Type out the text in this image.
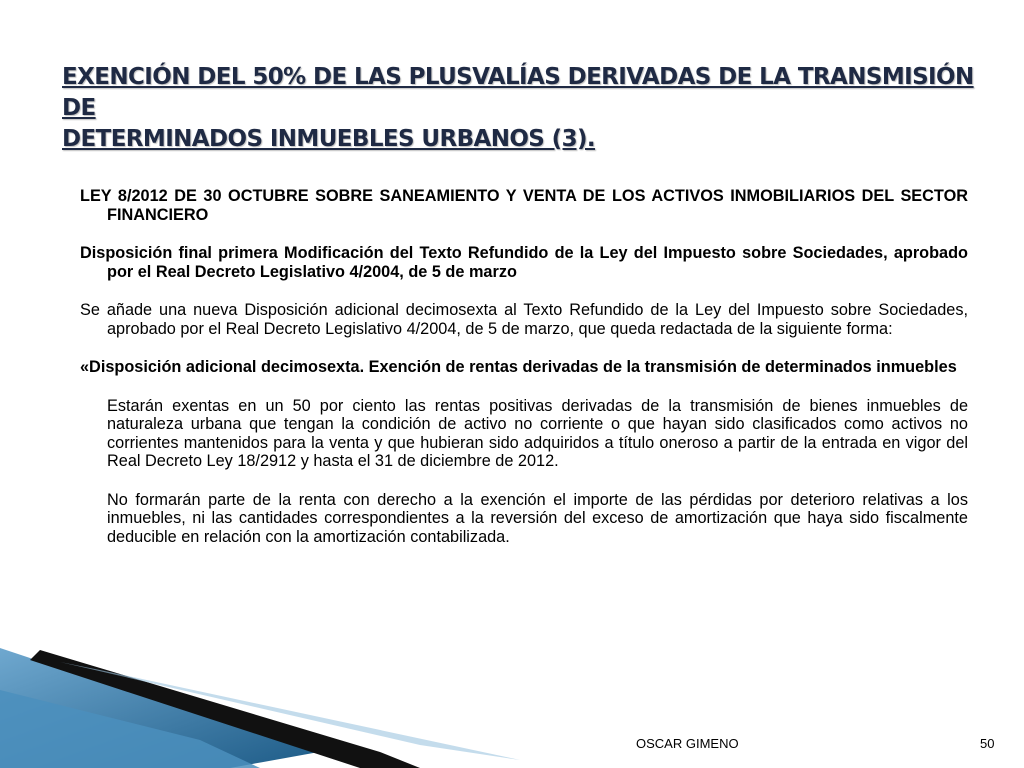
EXENCIÓN DEL 50% DE LAS PLUSVALÍAS DERIVADAS DE LA TRANSMISIÓN DE
DETERMINADOS INMUEBLES URBANOS (3).

LEY 8/2012 DE 30 OCTUBRE SOBRE SANEAMIENTO Y VENTA DE LOS ACTIVOS INMOBILIARIOS DEL SECTOR FINANCIERO

Disposición final primera Modificación del Texto Refundido de la Ley del Impuesto sobre Sociedades, aprobado por el Real Decreto Legislativo 4/2004, de 5 de marzo

Se añade una nueva Disposición adicional decimosexta al Texto Refundido de la Ley del Impuesto sobre Sociedades, aprobado por el Real Decreto Legislativo 4/2004, de 5 de marzo, que queda redactada de la siguiente forma:

«Disposición adicional decimosexta. Exención de rentas derivadas de la transmisión de determinados inmuebles

Estarán exentas en un 50 por ciento las rentas positivas derivadas de la transmisión de bienes inmuebles de naturaleza urbana que tengan la condición de activo no corriente o que hayan sido clasificados como activos no corrientes mantenidos para la venta y que hubieran sido adquiridos a título oneroso a partir de la entrada en vigor del Real Decreto Ley 18/2912 y hasta el 31 de diciembre de 2012.

No formarán parte de la renta con derecho a la exención el importe de las pérdidas por deterioro relativas a los inmuebles, ni las cantidades correspondientes a la reversión del exceso de amortización que haya sido fiscalmente deducible en relación con la amortización contabilizada.

OSCAR GIMENO	50
